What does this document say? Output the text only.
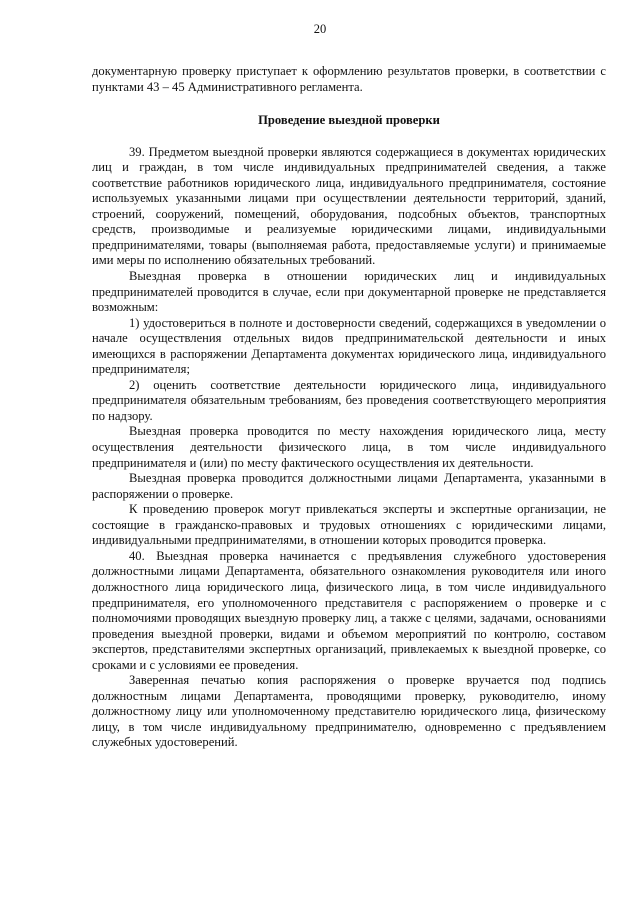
20

документарную проверку приступает к оформлению результатов проверки, в соответствии с пунктами 43 – 45 Административного регламента.

Проведение выездной проверки

39. Предметом выездной проверки являются содержащиеся в документах юридических лиц и граждан, в том числе индивидуальных предпринимателей сведения, а также соответствие работников юридического лица, индивидуального предпринимателя, состояние используемых указанными лицами при осуществлении деятельности территорий, зданий, строений, сооружений, помещений, оборудования, подсобных объектов, транспортных средств, производимые и реализуемые юридическими лицами, индивидуальными предпринимателями, товары (выполняемая работа, предоставляемые услуги) и принимаемые ими меры по исполнению обязательных требований.

Выездная проверка в отношении юридических лиц и индивидуальных предпринимателей проводится в случае, если при документарной проверке не представляется возможным:

1) удостовериться в полноте и достоверности сведений, содержащихся в уведомлении о начале осуществления отдельных видов предпринимательской деятельности и иных имеющихся в распоряжении Департамента документах юридического лица, индивидуального предпринимателя;

2) оценить соответствие деятельности юридического лица, индивидуального предпринимателя обязательным требованиям, без проведения соответствующего мероприятия по надзору.

Выездная проверка проводится по месту нахождения юридического лица, месту осуществления деятельности физического лица, в том числе индивидуального предпринимателя и (или) по месту фактического осуществления их деятельности.

Выездная проверка проводится должностными лицами Департамента, указанными в распоряжении о проверке.

К проведению проверок могут привлекаться эксперты и экспертные организации, не состоящие в гражданско-правовых и трудовых отношениях с юридическими лицами, индивидуальными предпринимателями, в отношении которых проводится проверка.

40. Выездная проверка начинается с предъявления служебного удостоверения должностными лицами Департамента, обязательного ознакомления руководителя или иного должностного лица юридического лица, физического лица, в том числе индивидуального предпринимателя, его уполномоченного представителя с распоряжением о проверке и с полномочиями проводящих выездную проверку лиц, а также с целями, задачами, основаниями проведения выездной проверки, видами и объемом мероприятий по контролю, составом экспертов, представителями экспертных организаций, привлекаемых к выездной проверке, со сроками и с условиями ее проведения.

Заверенная печатью копия распоряжения о проверке вручается под подпись должностным лицами Департамента, проводящими проверку, руководителю, иному должностному лицу или уполномоченному представителю юридического лица, физическому лицу, в том числе индивидуальному предпринимателю, одновременно с предъявлением служебных удостоверений.
